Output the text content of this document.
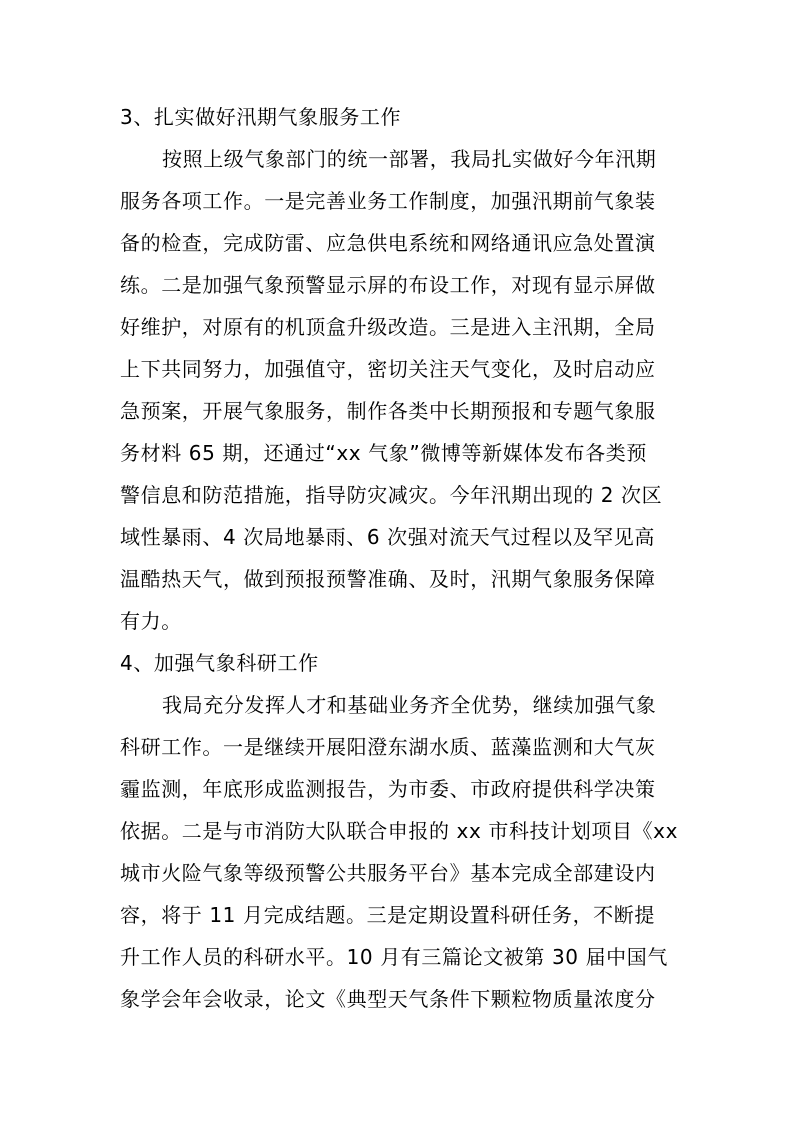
3、扎实做好汛期气象服务工作
按照上级气象部门的统一部署，我局扎实做好今年汛期
服务各项工作。一是完善业务工作制度，加强汛期前气象装
备的检查，完成防雷、应急供电系统和网络通讯应急处置演
练。二是加强气象预警显示屏的布设工作，对现有显示屏做
好维护，对原有的机顶盒升级改造。三是进入主汛期，全局
上下共同努力，加强值守，密切关注天气变化，及时启动应
急预案，开展气象服务，制作各类中长期预报和专题气象服
务材料 65 期，还通过“xx 气象”微博等新媒体发布各类预
警信息和防范措施，指导防灾减灾。今年汛期出现的 2 次区
域性暴雨、4 次局地暴雨、6 次强对流天气过程以及罕见高
温酷热天气，做到预报预警准确、及时，汛期气象服务保障
有力。
4、加强气象科研工作
我局充分发挥人才和基础业务齐全优势，继续加强气象
科研工作。一是继续开展阳澄东湖水质、蓝藻监测和大气灰
霾监测，年底形成监测报告，为市委、市政府提供科学决策
依据。二是与市消防大队联合申报的 xx 市科技计划项目《xx
城市火险气象等级预警公共服务平台》基本完成全部建设内
容，将于 11 月完成结题。三是定期设置科研任务，不断提
升工作人员的科研水平。10 月有三篇论文被第 30 届中国气
象学会年会收录，论文《典型天气条件下颗粒物质量浓度分
